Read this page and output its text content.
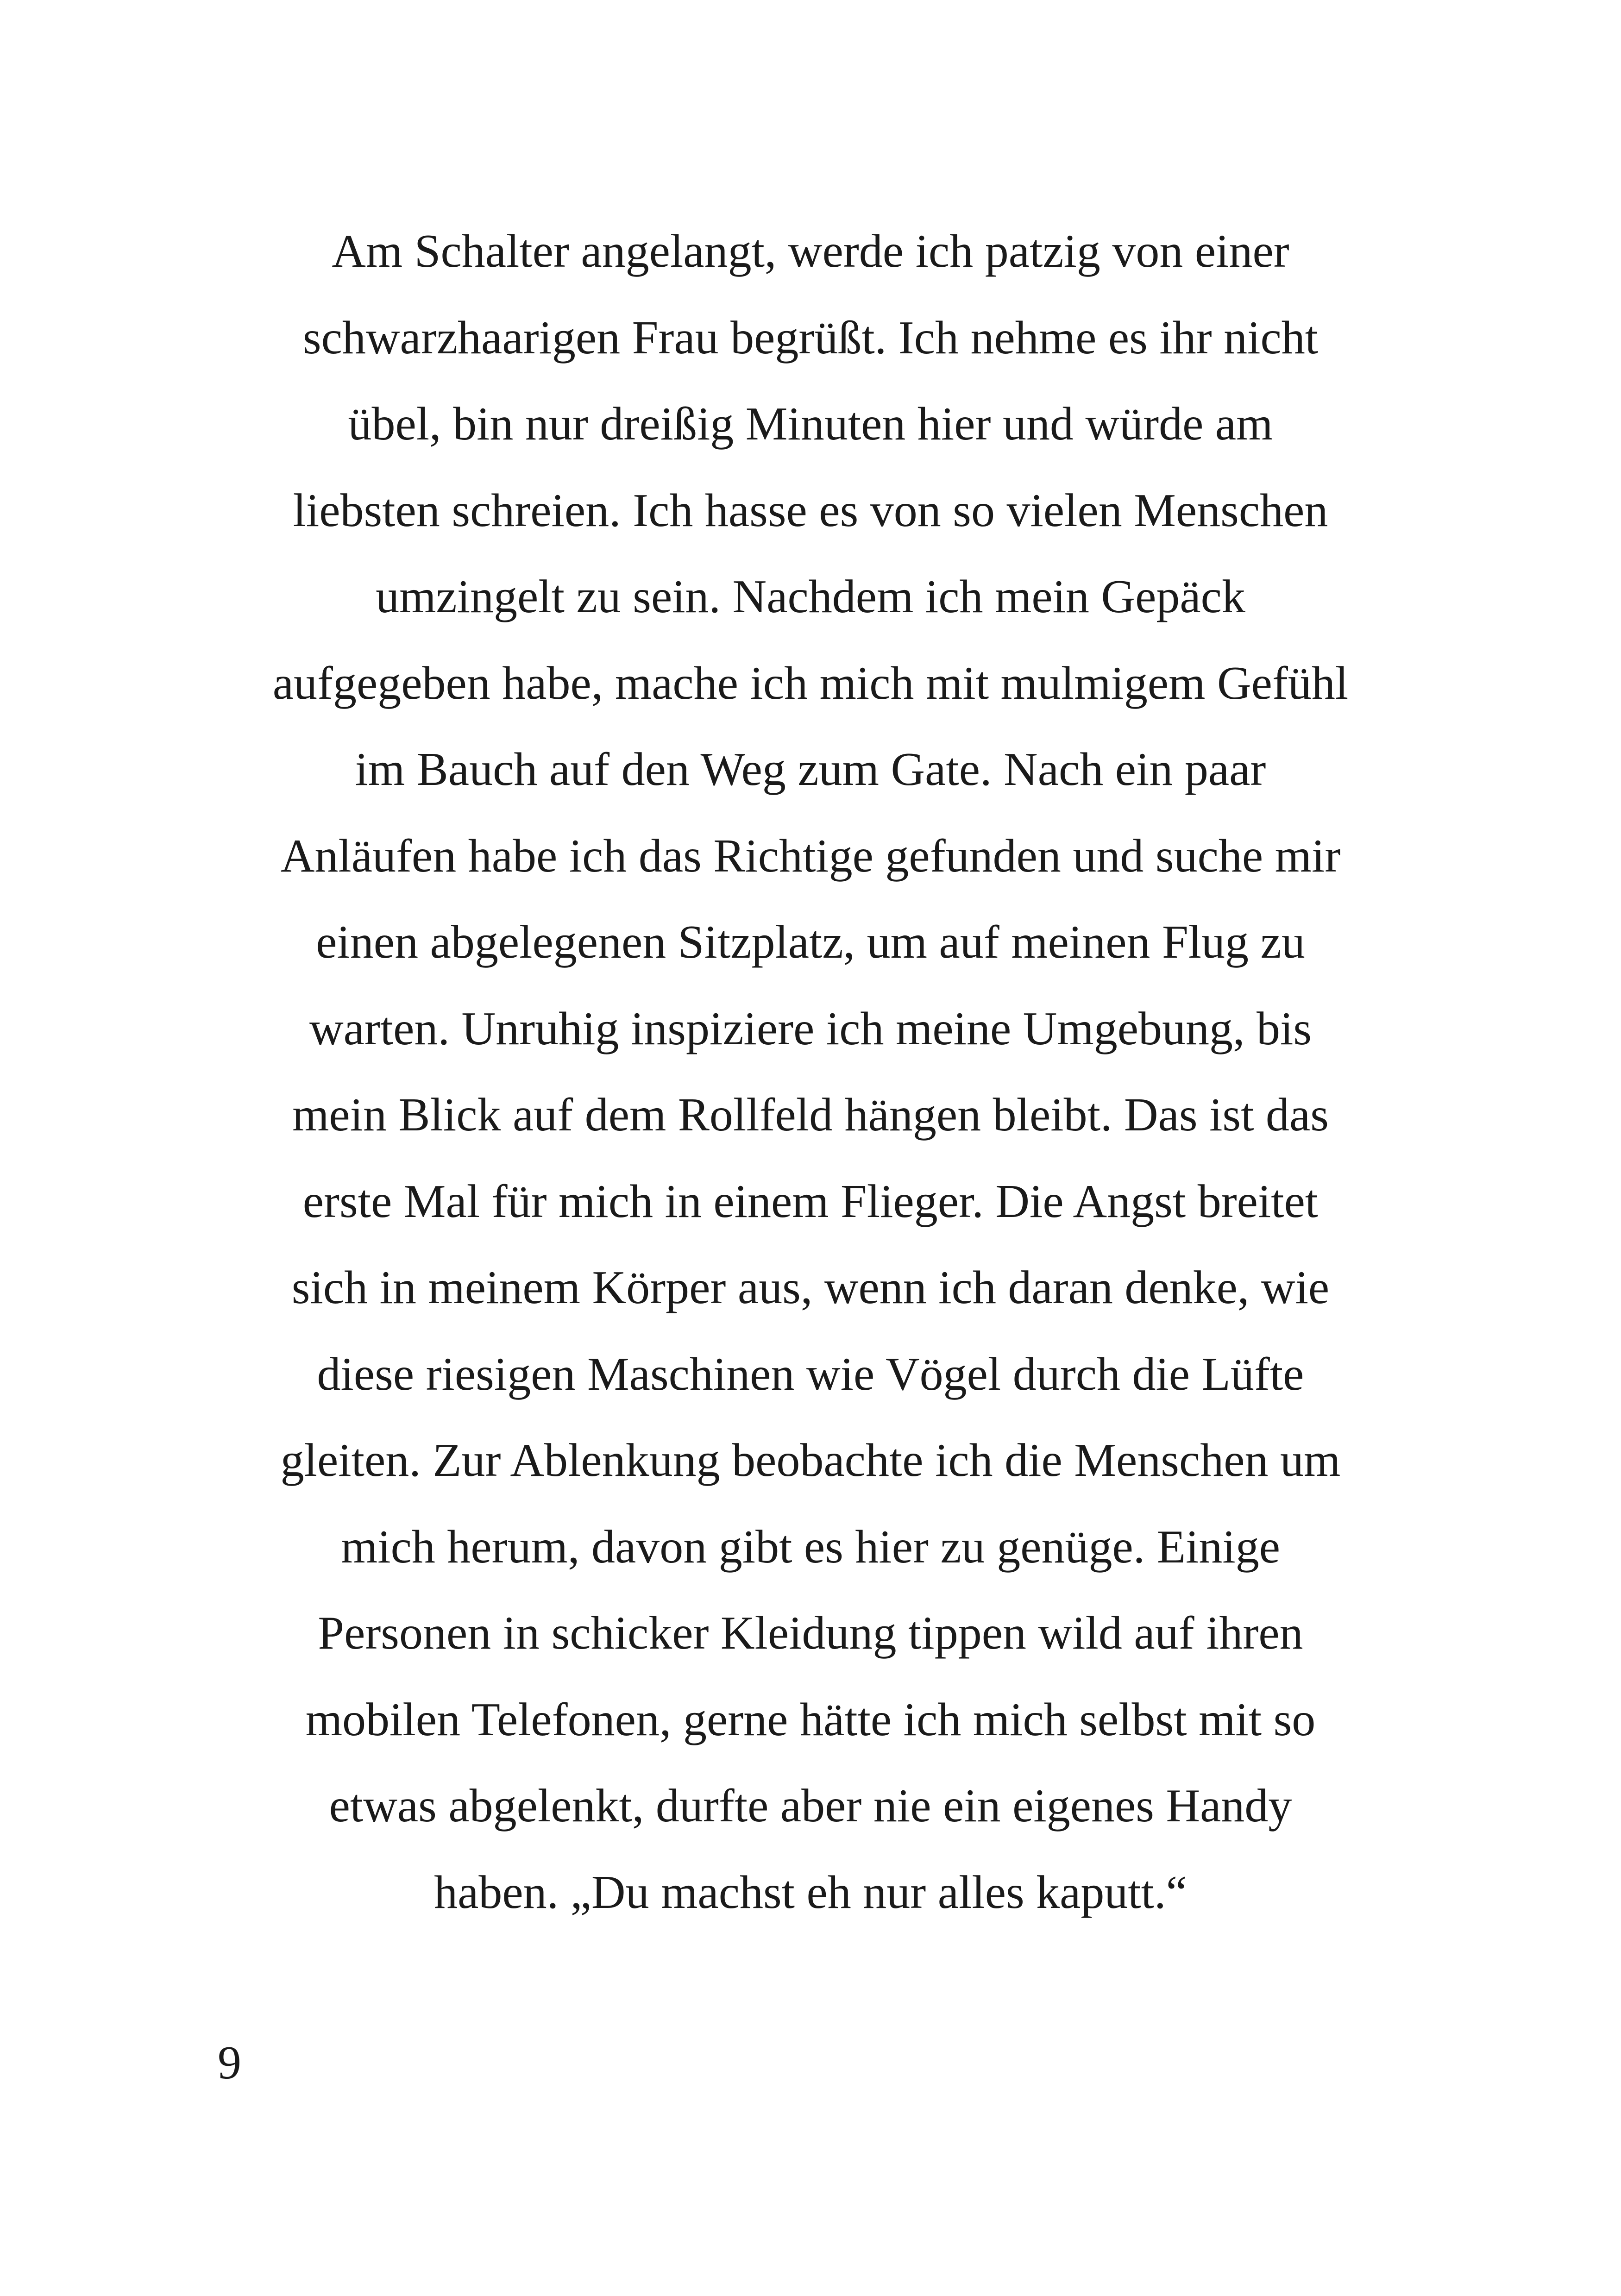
Am Schalter angelangt, werde ich patzig von einer
schwarzhaarigen Frau begrüßt. Ich nehme es ihr nicht
übel, bin nur dreißig Minuten hier und würde am
liebsten schreien. Ich hasse es von so vielen Menschen
umzingelt zu sein. Nachdem ich mein Gepäck
aufgegeben habe, mache ich mich mit mulmigem Gefühl
im Bauch auf den Weg zum Gate. Nach ein paar
Anläufen habe ich das Richtige gefunden und suche mir
einen abgelegenen Sitzplatz, um auf meinen Flug zu
warten. Unruhig inspiziere ich meine Umgebung, bis
mein Blick auf dem Rollfeld hängen bleibt. Das ist das
erste Mal für mich in einem Flieger. Die Angst breitet
sich in meinem Körper aus, wenn ich daran denke, wie
diese riesigen Maschinen wie Vögel durch die Lüfte
gleiten. Zur Ablenkung beobachte ich die Menschen um
mich herum, davon gibt es hier zu genüge. Einige
Personen in schicker Kleidung tippen wild auf ihren
mobilen Telefonen, gerne hätte ich mich selbst mit so
etwas abgelenkt, durfte aber nie ein eigenes Handy
haben. „Du machst eh nur alles kaputt.“

9
